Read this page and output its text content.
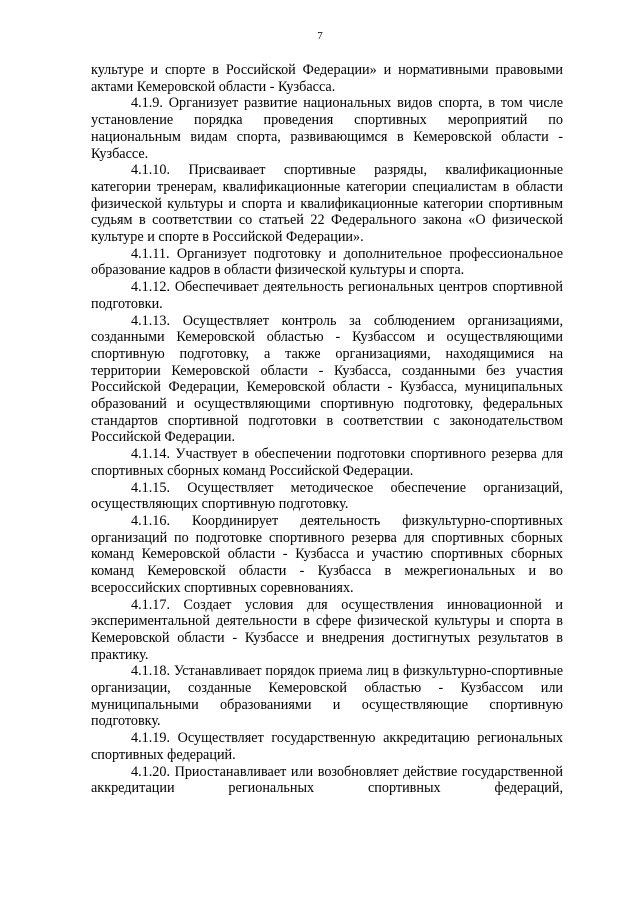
7

культуре и спорте в Российской Федерации» и нормативными правовыми актами Кемеровской области - Кузбасса.

4.1.9. Организует развитие национальных видов спорта, в том числе установление порядка проведения спортивных мероприятий по национальным видам спорта, развивающимся в Кемеровской области - Кузбассе.

4.1.10. Присваивает спортивные разряды, квалификационные категории тренерам, квалификационные категории специалистам в области физической культуры и спорта и квалификационные категории спортивным судьям в соответствии со статьей 22 Федерального закона «О физической культуре и спорте в Российской Федерации».

4.1.11. Организует подготовку и дополнительное профессиональное образование кадров в области физической культуры и спорта.

4.1.12. Обеспечивает деятельность региональных центров спортивной подготовки.

4.1.13. Осуществляет контроль за соблюдением организациями, созданными Кемеровской областью - Кузбассом и осуществляющими спортивную подготовку, а также организациями, находящимися на территории Кемеровской области - Кузбасса, созданными без участия Российской Федерации, Кемеровской области - Кузбасса, муниципальных образований и осуществляющими спортивную подготовку, федеральных стандартов спортивной подготовки в соответствии с законодательством Российской Федерации.

4.1.14. Участвует в обеспечении подготовки спортивного резерва для спортивных сборных команд Российской Федерации.

4.1.15. Осуществляет методическое обеспечение организаций, осуществляющих спортивную подготовку.

4.1.16. Координирует деятельность физкультурно-спортивных организаций по подготовке спортивного резерва для спортивных сборных команд Кемеровской области - Кузбасса и участию спортивных сборных команд Кемеровской области - Кузбасса в межрегиональных и во всероссийских спортивных соревнованиях.

4.1.17. Создает условия для осуществления инновационной и экспериментальной деятельности в сфере физической культуры и спорта в Кемеровской области - Кузбассе и внедрения достигнутых результатов в практику.

4.1.18. Устанавливает порядок приема лиц в физкультурно-спортивные организации, созданные Кемеровской областью - Кузбассом или муниципальными образованиями и осуществляющие спортивную подготовку.

4.1.19. Осуществляет государственную аккредитацию региональных спортивных федераций.

4.1.20. Приостанавливает или возобновляет действие государственной аккредитации региональных спортивных федераций,
